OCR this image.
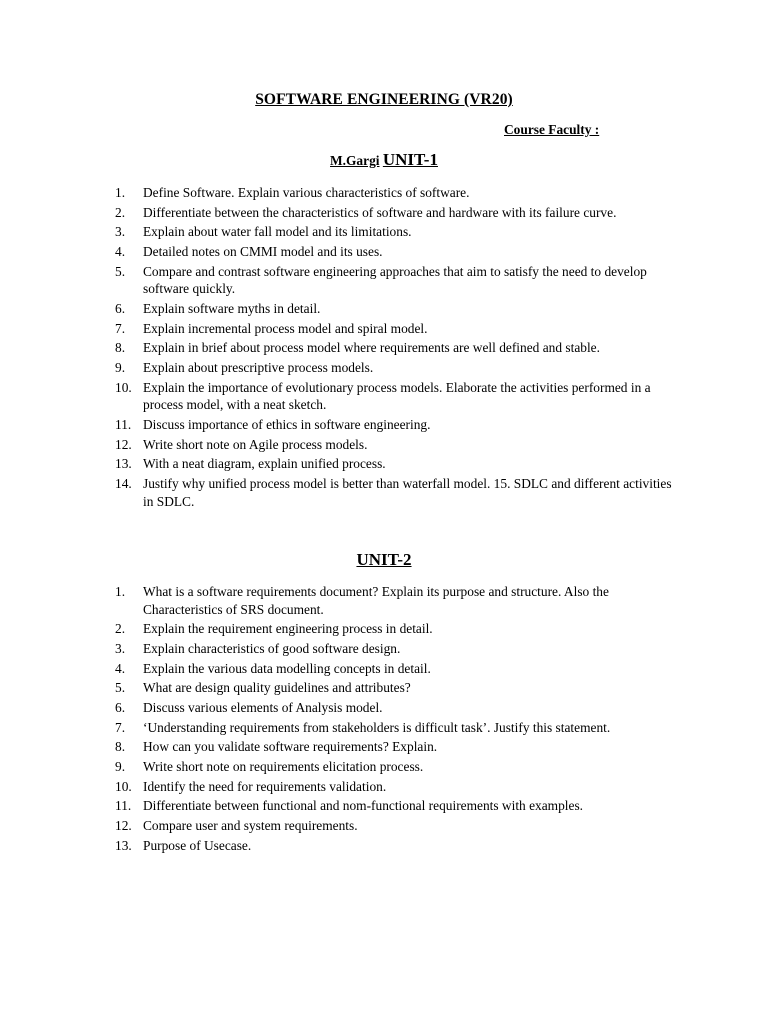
SOFTWARE ENGINEERING (VR20)
Course Faculty :
M.Gargi UNIT-1
1. Define Software. Explain various characteristics of software.
2. Differentiate between the characteristics of software and hardware with its failure curve.
3. Explain about water fall model and its limitations.
4. Detailed notes on CMMI model and its uses.
5. Compare and contrast software engineering approaches that aim to satisfy the need to develop software quickly.
6. Explain software myths in detail.
7. Explain incremental process model and spiral model.
8. Explain in brief about process model where requirements are well defined and stable.
9. Explain about prescriptive process models.
10. Explain the importance of evolutionary process models. Elaborate the activities performed in a process model, with a neat sketch.
11. Discuss importance of ethics in software engineering.
12. Write short note on Agile process models.
13. With a neat diagram, explain unified process.
14. Justify why unified process model is better than waterfall model. 15. SDLC and different activities in SDLC.
UNIT-2
1. What is a software requirements document? Explain its purpose and structure. Also the Characteristics of SRS document.
2. Explain the requirement engineering process in detail.
3. Explain characteristics of good software design.
4. Explain the various data modelling concepts in detail.
5. What are design quality guidelines and attributes?
6. Discuss various elements of Analysis model.
7. ‘Understanding requirements from stakeholders is difficult task’. Justify this statement.
8. How can you validate software requirements? Explain.
9. Write short note on requirements elicitation process.
10. Identify the need for requirements validation.
11. Differentiate between functional and nom-functional requirements with examples.
12. Compare user and system requirements.
13. Purpose of Usecase.
